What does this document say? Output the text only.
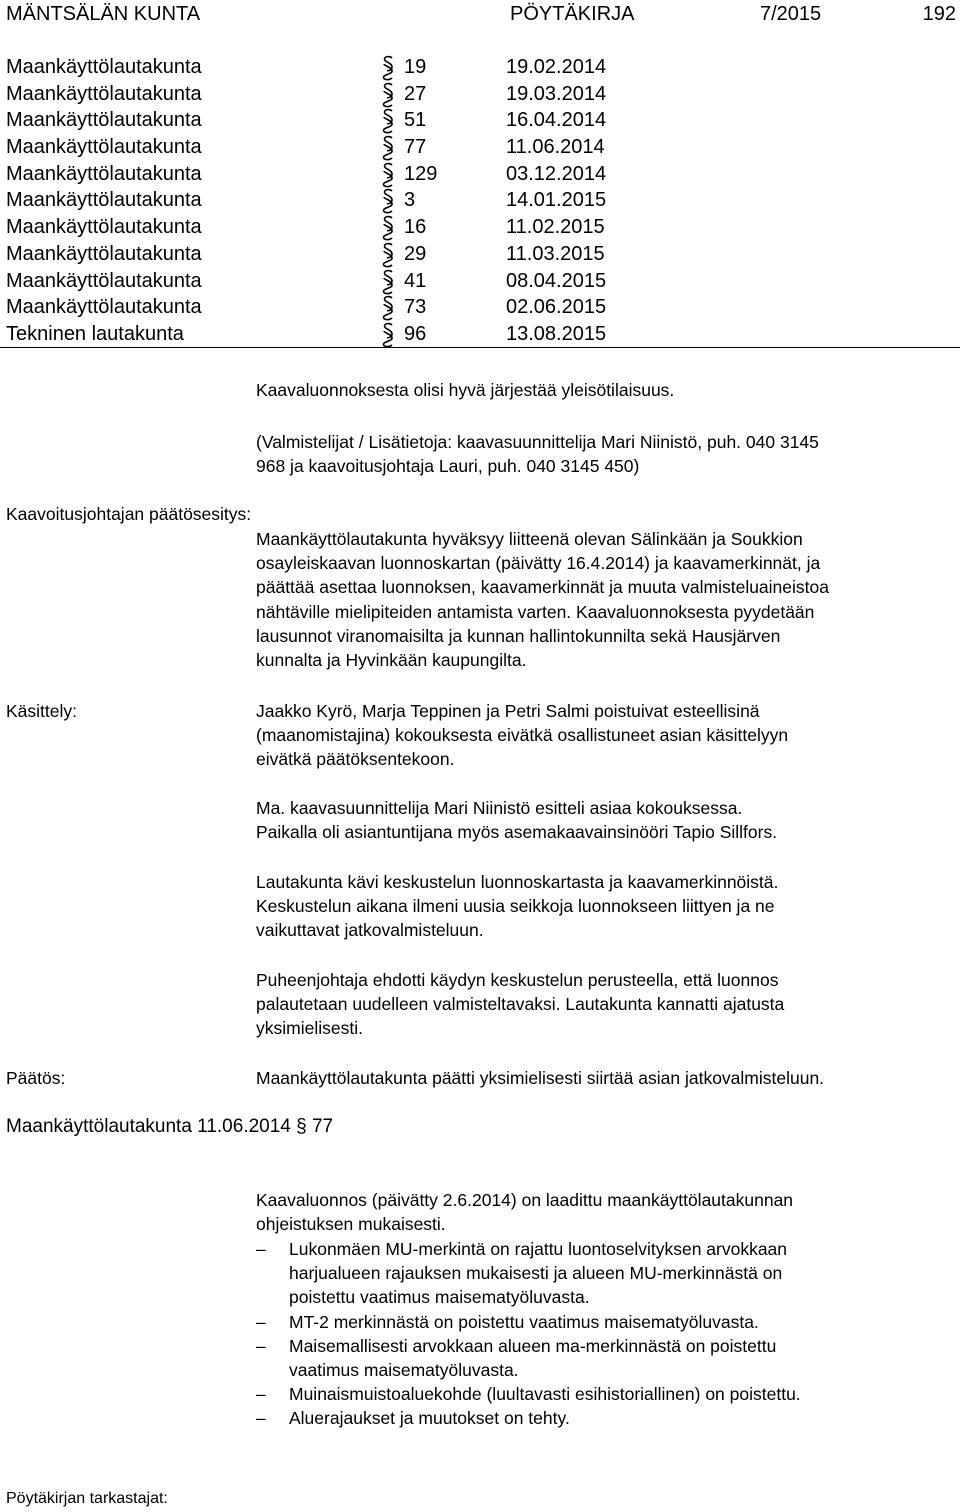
MÄNTSÄLÄN KUNTA	PÖYTÄKIRJA	7/2015	192
Maankäyttölautakunta	19	19.02.2014
Maankäyttölautakunta	27	19.03.2014
Maankäyttölautakunta	51	16.04.2014
Maankäyttölautakunta	77	11.06.2014
Maankäyttölautakunta	129	03.12.2014
Maankäyttölautakunta	3	14.01.2015
Maankäyttölautakunta	16	11.02.2015
Maankäyttölautakunta	29	11.03.2015
Maankäyttölautakunta	41	08.04.2015
Maankäyttölautakunta	73	02.06.2015
Tekninen lautakunta	96	13.08.2015
Kaavaluonnoksesta olisi hyvä järjestää yleisötilaisuus.
(Valmistelijat / Lisätietoja: kaavasuunnittelija Mari Niinistö, puh. 040 3145
968 ja kaavoitusjohtaja Lauri, puh. 040 3145 450)
Kaavoitusjohtajan päätösesitys:
Maankäyttölautakunta hyväksyy liitteenä olevan Sälinkään ja Soukkion
osayleiskaavan luonnoskartan (päivätty 16.4.2014) ja kaavamerkinnät, ja
päättää asettaa luonnoksen, kaavamerkinnät ja muuta valmisteluaineistoa
nähtäville mielipiteiden antamista varten. Kaavaluonnoksesta pyydetään
lausunnot viranomaisilta ja kunnan hallintokunnilta sekä Hausjärven
kunnalta ja Hyvinkään kaupungilta.
Käsittely:	Jaakko Kyrö, Marja Teppinen ja Petri Salmi poistuivat esteellisinä
(maanomistajina) kokouksesta eivätkä osallistuneet asian käsittelyyn
eivätkä päätöksentekoon.
Ma. kaavasuunnittelija Mari Niinistö esitteli asiaa kokouksessa.
Paikalla oli asiantuntijana myös asemakaavainsinööri Tapio Sillfors.
Lautakunta kävi keskustelun luonnoskartasta ja kaavamerkinnöistä.
Keskustelun aikana ilmeni uusia seikkoja luonnokseen liittyen ja ne
vaikuttavat jatkovalmisteluun.
Puheenjohtaja ehdotti käydyn keskustelun perusteella, että luonnos
palautetaan uudelleen valmisteltavaksi. Lautakunta kannatti ajatusta
yksimielisesti.
Päätös:	Maankäyttölautakunta päätti yksimielisesti siirtää asian jatkovalmisteluun.
Maankäyttölautakunta 11.06.2014 § 77
Kaavaluonnos (päivätty 2.6.2014) on laadittu maankäyttölautakunnan
ohjeistuksen mukaisesti.
– Lukonmäen MU-merkintä on rajattu luontoselvityksen arvokkaan
harjualueen rajauksen mukaisesti ja alueen MU-merkinnästä on
poistettu vaatimus maisematyöluvasta.
– MT-2 merkinnästä on poistettu vaatimus maisematyöluvasta.
– Maisemallisesti arvokkaan alueen ma-merkinnästä on poistettu
vaatimus maisematyöluvasta.
– Muinaismuistoaluekohde (luultavasti esihistoriallinen) on poistettu.
– Aluerajaukset ja muutokset on tehty.
Pöytäkirjan tarkastajat:
